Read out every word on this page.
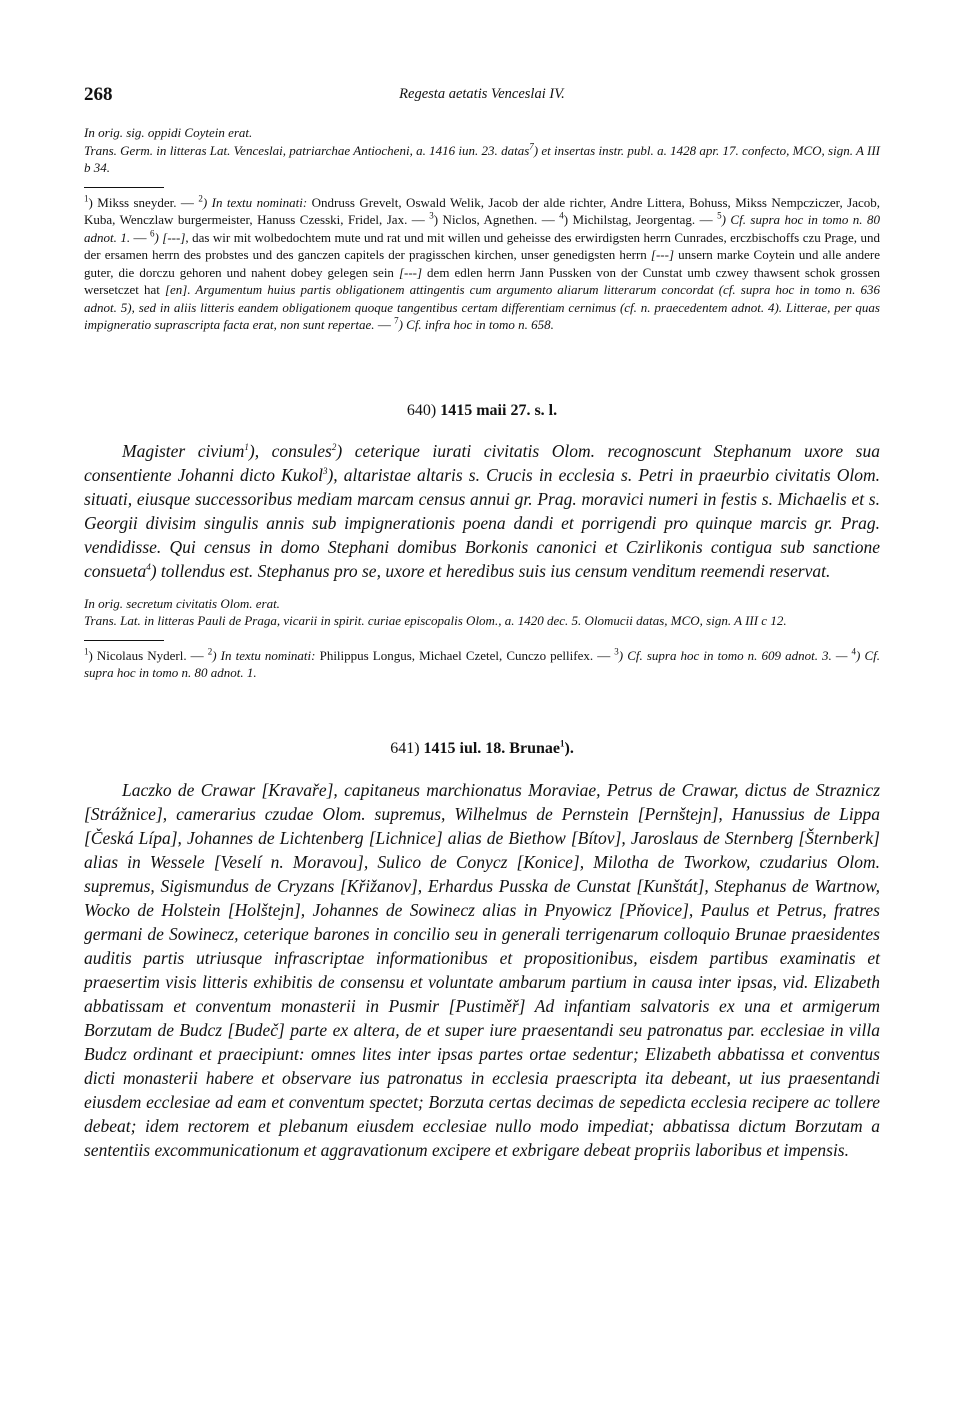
268	Regesta aetatis Venceslai IV.

In orig. sig. oppidi Coytein erat.

Trans. Germ. in litteras Lat. Venceslai, patriarchae Antiocheni, a. 1416 iun. 23. datas$^7$) et insertas instr. publ. a. 1428 apr. 17. confecto, MCO, sign. A III b 34.

$^1$) Mikss sneyder. — $^2$) In textu nominati: Ondruss Grevelt, Oswald Welik, Jacob der alde richter, Andre Littera, Bohuss, Mikss Nempcziczer, Jacob, Kuba, Wenczlaw burgermeister, Hanuss Czesski, Fridel, Jax. — $^3$) Niclos, Agnethen. — $^4$) Michilstag, Jeorgentag. — $^5$) Cf. supra hoc in tomo n. 80 adnot. 1. — $^6$) [---], das wir mit wolbedochtem mute und rat und mit willen und geheisse des erwirdigsten herrn Cunrades, erczbischoffs czu Prage, und der ersamen herrn des probstes und des ganczen capitels der pragisschen kirchen, unser genedigsten herrn [---] unsern marke Coytein und alle andere guter, die dorczu gehoren und nahent dobey gelegen sein [---] dem edlen herrn Jann Pussken von der Cunstat umb czwey thawsent schok grossen wersetczet hat [en]. Argumentum huius partis obligationem attingentis cum argumento aliarum litterarum concordat (cf. supra hoc in tomo n. 636 adnot. 5), sed in aliis litteris eandem obligationem quoque tangentibus certam differentiam cernimus (cf. n. praecedentem adnot. 4). Litterae, per quas impigneratio suprascripta facta erat, non sunt repertae. — $^7$) Cf. infra hoc in tomo n. 658.

640) 1415 maii 27. s. l.

Magister civium$^1$), consules$^2$) ceterique iurati civitatis Olom. recognoscunt Stephanum uxore sua consentiente Johanni dicto Kukol$^3$), altaristae altaris s. Crucis in ecclesia s. Petri in praeurbio civitatis Olom. situati, eiusque successoribus mediam marcam census annui gr. Prag. moravici numeri in festis s. Michaelis et s. Georgii divisim singulis annis sub impignerationis poena dandi et porrigendi pro quinque marcis gr. Prag. vendidisse. Qui census in domo Stephani domibus Borkonis canonici et Czirlikonis contigua sub sanctione consueta$^4$) tollendus est. Stephanus pro se, uxore et heredibus suis ius censum venditum reemendi reservat.

In orig. secretum civitatis Olom. erat.

Trans. Lat. in litteras Pauli de Praga, vicarii in spirit. curiae episcopalis Olom., a. 1420 dec. 5. Olomucii datas, MCO, sign. A III c 12.

$^1$) Nicolaus Nyderl. — $^2$) In textu nominati: Philippus Longus, Michael Czetel, Cunczo pellifex. — $^3$) Cf. supra hoc in tomo n. 609 adnot. 3. — $^4$) Cf. supra hoc in tomo n. 80 adnot. 1.

641) 1415 iul. 18. Brunae$^1$).

Laczko de Crawar [Kravaře], capitaneus marchionatus Moraviae, Petrus de Crawar, dictus de Straznicz [Strážnice], camerarius czudae Olom. supremus, Wilhelmus de Pernstein [Pernštejn], Hanussius de Lippa [Česká Lípa], Johannes de Lichtenberg [Lichnice] alias de Biethow [Bítov], Jaroslaus de Sternberg [Šternberk] alias in Wessele [Veselí n. Moravou], Sulico de Conycz [Konice], Milotha de Tworkow, czudarius Olom. supremus, Sigismundus de Cryzans [Křižanov], Erhardus Pusska de Cunstat [Kunštát], Stephanus de Wartnow, Wocko de Holstein [Holštejn], Johannes de Sowinecz alias in Pnyowicz [Pňovice], Paulus et Petrus, fratres germani de Sowinecz, ceterique barones in concilio seu in generali terrigenarum colloquio Brunae praesidentes auditis partis utriusque infrascriptae informationibus et propositionibus, eisdem partibus examinatis et praesertim visis litteris exhibitis de consensu et voluntate ambarum partium in causa inter ipsas, vid. Elizabeth abbatissam et conventum monasterii in Pusmir [Pustiměř] Ad infantiam salvatoris ex una et armigerum Borzutam de Budcz [Budeč] parte ex altera, de et super iure praesentandi seu patronatus par. ecclesiae in villa Budcz ordinant et praecipiunt: omnes lites inter ipsas partes ortae sedentur; Elizabeth abbatissa et conventus dicti monasterii habere et observare ius patronatus in ecclesia praescripta ita debeant, ut ius praesentandi eiusdem ecclesiae ad eam et conventum spectet; Borzuta certas decimas de sepedicta ecclesia recipere ac tollere debeat; idem rectorem et plebanum eiusdem ecclesiae nullo modo impediat; abbatissa dictum Borzutam a sententiis excommunicationum et aggravationum excipere et exbrigare debeat propriis laboribus et impensis.
